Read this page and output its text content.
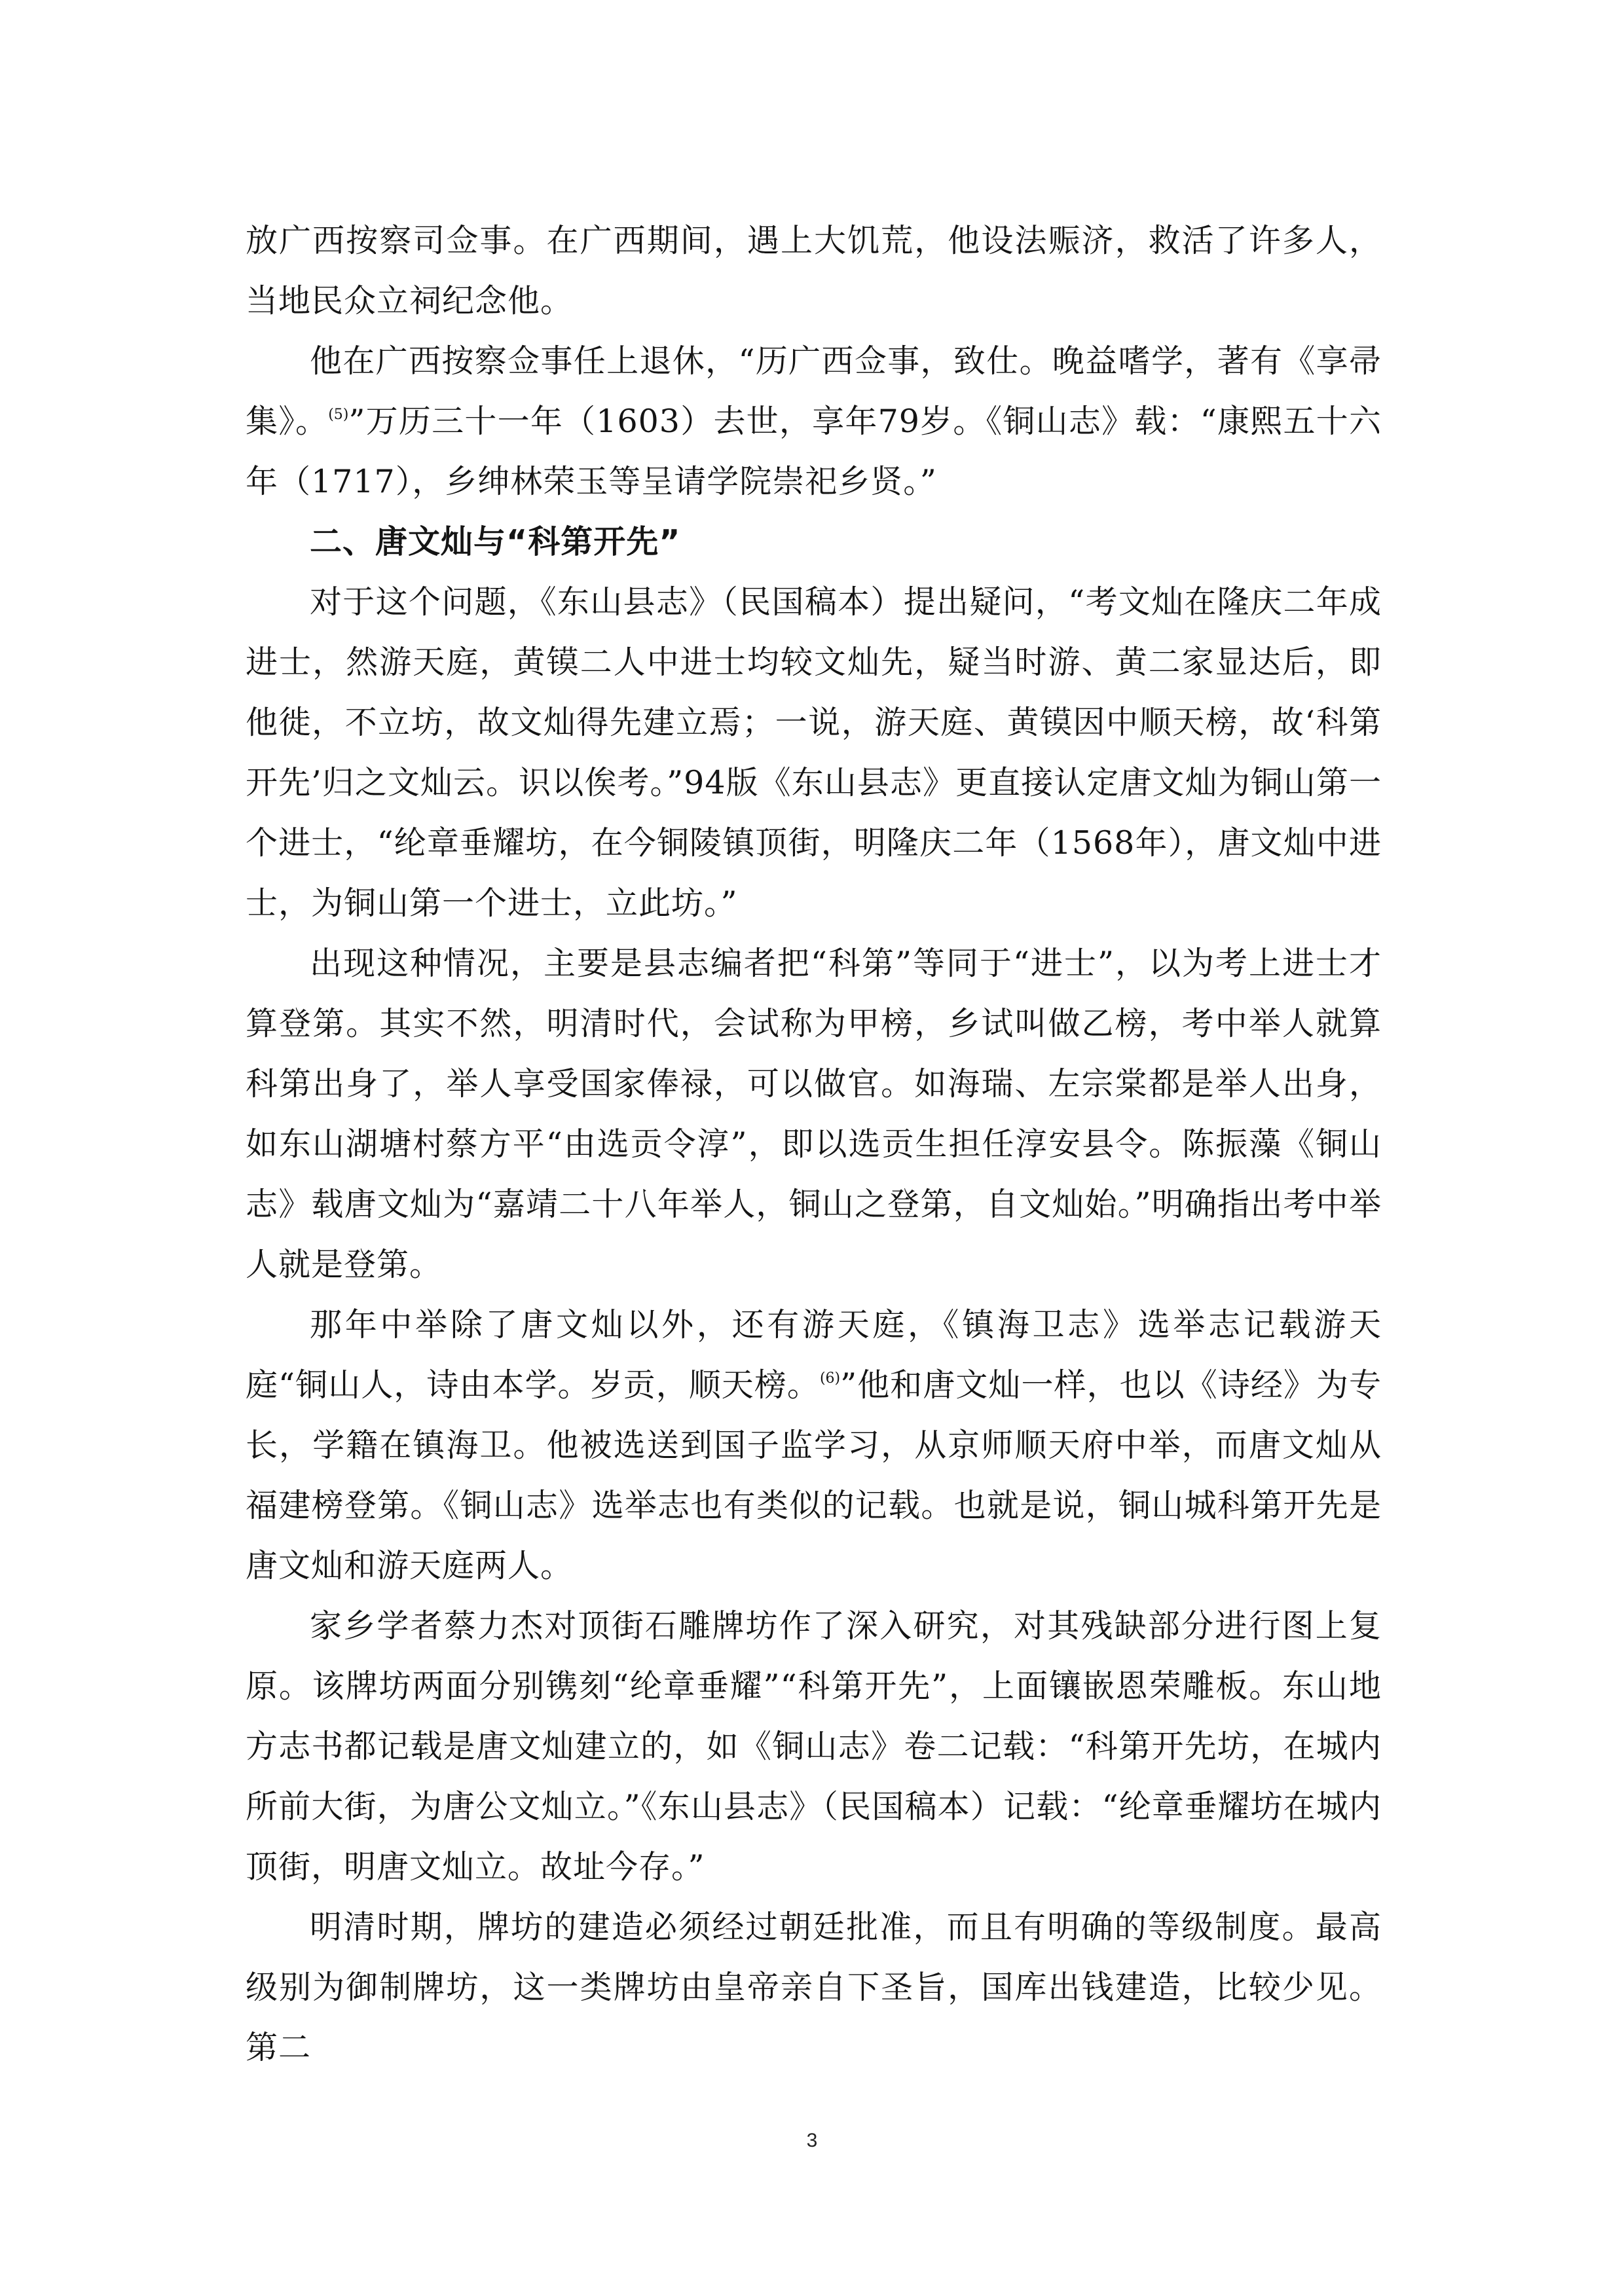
放广西按察司佥事。在广西期间，遇上大饥荒，他设法赈济，救活了许多人，当地民众立祠纪念他。

他在广西按察佥事任上退休，“历广西佥事，致仕。晚益嗜学，著有《享帚集》。$^{(5)}$”万历三十一年（1603）去世，享年79岁。《铜山志》载：“康熙五十六年（1717），乡绅林荣玉等呈请学院崇祀乡贤。”

二、唐文灿与“科第开先”

对于这个问题，《东山县志》（民国稿本）提出疑问，“考文灿在隆庆二年成进士，然游天庭，黄镆二人中进士均较文灿先，疑当时游、黄二家显达后，即他徙，不立坊，故文灿得先建立焉；一说，游天庭、黄镆因中顺天榜，故‘科第开先’归之文灿云。识以俟考。”94版《东山县志》更直接认定唐文灿为铜山第一个进士，“纶章垂耀坊，在今铜陵镇顶街，明隆庆二年（1568年），唐文灿中进士，为铜山第一个进士，立此坊。”

出现这种情况，主要是县志编者把“科第”等同于“进士”，以为考上进士才算登第。其实不然，明清时代，会试称为甲榜，乡试叫做乙榜，考中举人就算科第出身了，举人享受国家俸禄，可以做官。如海瑞、左宗棠都是举人出身，如东山湖塘村蔡方平“由选贡令淳”，即以选贡生担任淳安县令。陈振藻《铜山志》载唐文灿为“嘉靖二十八年举人，铜山之登第，自文灿始。”明确指出考中举人就是登第。

那年中举除了唐文灿以外，还有游天庭，《镇海卫志》选举志记载游天庭“铜山人，诗由本学。岁贡，顺天榜。$^{(6)}$”他和唐文灿一样，也以《诗经》为专长，学籍在镇海卫。他被选送到国子监学习，从京师顺天府中举，而唐文灿从福建榜登第。《铜山志》选举志也有类似的记载。也就是说，铜山城科第开先是唐文灿和游天庭两人。

家乡学者蔡力杰对顶街石雕牌坊作了深入研究，对其残缺部分进行图上复原。该牌坊两面分别镌刻“纶章垂耀”“科第开先”，上面镶嵌恩荣雕板。东山地方志书都记载是唐文灿建立的，如《铜山志》卷二记载：“科第开先坊，在城内所前大街，为唐公文灿立。”《东山县志》（民国稿本）记载：“纶章垂耀坊在城内顶街，明唐文灿立。故址今存。”

明清时期，牌坊的建造必须经过朝廷批准，而且有明确的等级制度。最高级别为御制牌坊，这一类牌坊由皇帝亲自下圣旨，国库出钱建造，比较少见。第二

3
